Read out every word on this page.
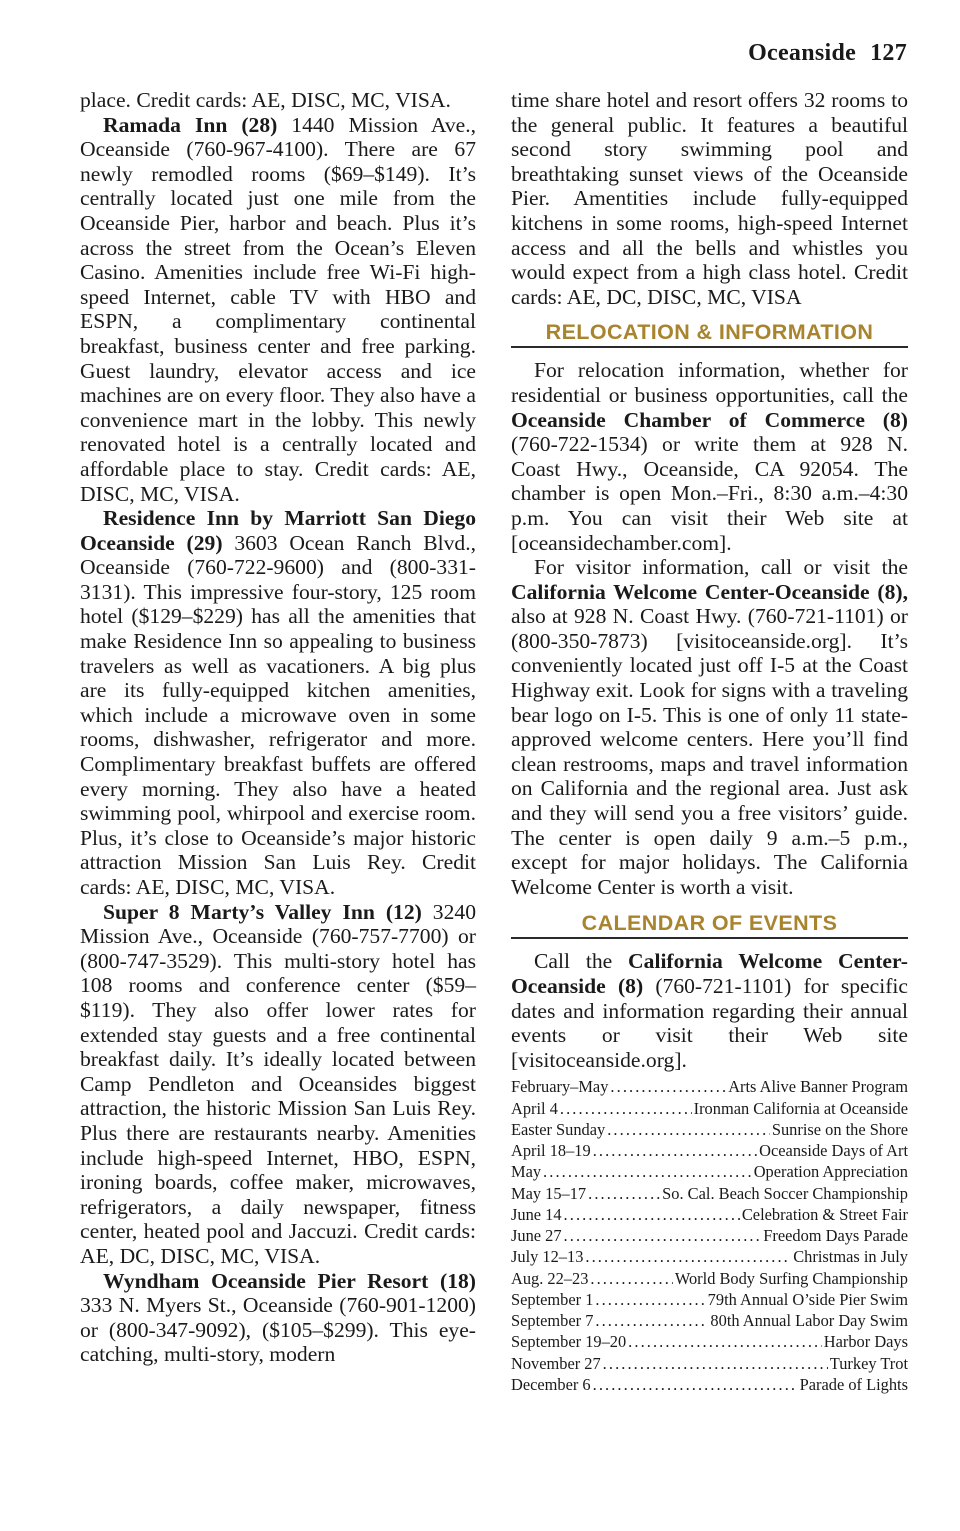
Oceanside 127

place. Credit cards: AE, DISC, MC, VISA.

Ramada Inn (28) 1440 Mission Ave., Oceanside (760-967-4100). There are 67 newly remodled rooms ($69–$149). It’s centrally located just one mile from the Oceanside Pier, harbor and beach. Plus it’s across the street from the Ocean’s Eleven Casino. Amenities include free Wi-Fi high-speed Internet, cable TV with HBO and ESPN, a complimentary continental breakfast, business center and free parking. Guest laundry, elevator access and ice machines are on every floor. They also have a convenience mart in the lobby. This newly renovated hotel is a centrally located and affordable place to stay. Credit cards: AE, DISC, MC, VISA.

Residence Inn by Marriott San Diego Oceanside (29) 3603 Ocean Ranch Blvd., Oceanside (760-722-9600) and (800-331-3131). This impressive four-story, 125 room hotel ($129–$229) has all the amenities that make Residence Inn so appealing to business travelers as well as vacationers. A big plus are its fully-equipped kitchen amenities, which include a microwave oven in some rooms, dishwasher, refrigerator and more. Complimentary breakfast buffets are offered every morning. They also have a heated swimming pool, whirpool and exercise room. Plus, it’s close to Oceanside’s major historic attraction Mission San Luis Rey. Credit cards: AE, DISC, MC, VISA.

Super 8 Marty’s Valley Inn (12) 3240 Mission Ave., Oceanside (760-757-7700) or (800-747-3529). This multi-story hotel has 108 rooms and conference center ($59–$119). They also offer lower rates for extended stay guests and a free continental breakfast daily. It’s ideally located between Camp Pendleton and Oceansides biggest attraction, the historic Mission San Luis Rey. Plus there are restaurants nearby. Amenities include high-speed Internet, HBO, ESPN, ironing boards, coffee maker, microwaves, refrigerators, a daily newspaper, fitness center, heated pool and Jaccuzi. Credit cards: AE, DC, DISC, MC, VISA.

Wyndham Oceanside Pier Resort (18) 333 N. Myers St., Oceanside (760-901-1200) or (800-347-9092), ($105–$299). This eye-catching, multi-story, modern

time share hotel and resort offers 32 rooms to the general public. It features a beautiful second story swimming pool and breathtaking sunset views of the Oceanside Pier. Amentities include fully-equipped kitchens in some rooms, high-speed Internet access and all the bells and whistles you would expect from a high class hotel. Credit cards: AE, DC, DISC, MC, VISA

RELOCATION & INFORMATION

For relocation information, whether for residential or business opportunities, call the Oceanside Chamber of Commerce (8) (760-722-1534) or write them at 928 N. Coast Hwy., Oceanside, CA 92054. The chamber is open Mon.–Fri., 8:30 a.m.–4:30 p.m. You can visit their Web site at [oceansidechamber.com].

For visitor information, call or visit the California Welcome Center-Oceanside (8), also at 928 N. Coast Hwy. (760-721-1101) or (800-350-7873) [visitoceanside.org]. It’s conveniently located just off I-5 at the Coast Highway exit. Look for signs with a traveling bear logo on I-5. This is one of only 11 state-approved welcome centers. Here you’ll find clean restrooms, maps and travel information on California and the regional area. Just ask and they will send you a free visitors’ guide. The center is open daily 9 a.m.–5 p.m., except for major holidays. The California Welcome Center is worth a visit.

CALENDAR OF EVENTS

Call the California Welcome Center-Oceanside (8) (760-721-1101) for specific dates and information regarding their annual events or visit their Web site [visitoceanside.org].

February–May . . .	Arts Alive Banner Program
April 4 . . .	Ironman California at Oceanside
Easter Sunday . . .	Sunrise on the Shore
April 18–19 . . .	Oceanside Days of Art
May . . .	Operation Appreciation
May 15–17 . . .	So. Cal. Beach Soccer Championship
June 14 . . .	Celebration & Street Fair
June 27 . . .	Freedom Days Parade
July 12–13 . . .	Christmas in July
Aug. 22–23 . . .	World Body Surfing Championship
September 1 . . .	79th Annual O’side Pier Swim
September 7 . . .	80th Annual Labor Day Swim
September 19–20 . . .	Harbor Days
November 27 . . .	Turkey Trot
December 6 . . .	Parade of Lights
